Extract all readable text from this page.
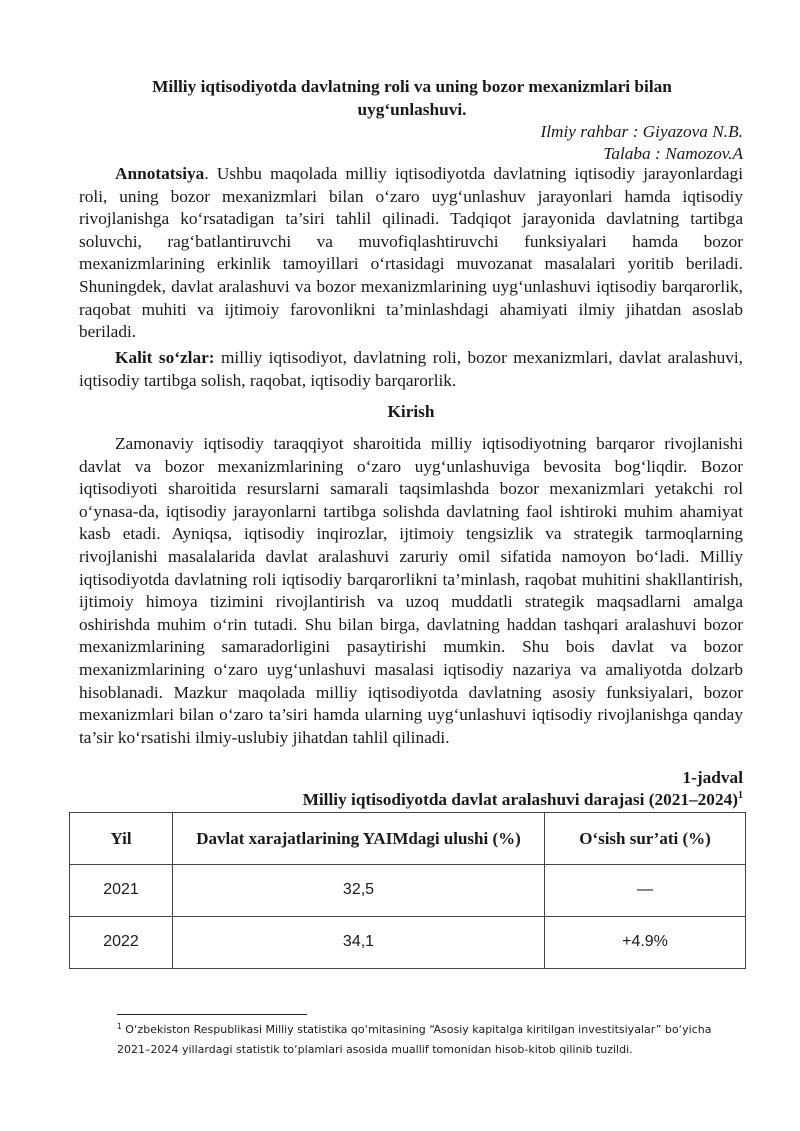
Milliy iqtisodiyotda davlatning roli va uning bozor mexanizmlari bilan
uyg‘unlashuvi.
Ilmiy rahbar : Giyazova N.B.
Talaba : Namozov.A

Annotatsiya. Ushbu maqolada milliy iqtisodiyotda davlatning iqtisodiy jarayonlardagi roli, uning bozor mexanizmlari bilan o‘zaro uyg‘unlashuv jarayonlari hamda iqtisodiy rivojlanishga ko‘rsatadigan ta’siri tahlil qilinadi. Tadqiqot jarayonida davlatning tartibga soluvchi, rag‘batlantiruvchi va muvofiqlashtiruvchi funksiyalari hamda bozor mexanizmlarining erkinlik tamoyillari o‘rtasidagi muvozanat masalalari yoritib beriladi. Shuningdek, davlat aralashuvi va bozor mexanizmlarining uyg‘unlashuvi iqtisodiy barqarorlik, raqobat muhiti va ijtimoiy farovonlikni ta’minlashdagi ahamiyati ilmiy jihatdan asoslab beriladi.

Kalit so‘zlar: milliy iqtisodiyot, davlatning roli, bozor mexanizmlari, davlat aralashuvi, iqtisodiy tartibga solish, raqobat, iqtisodiy barqarorlik.

Kirish

Zamonaviy iqtisodiy taraqqiyot sharoitida milliy iqtisodiyotning barqaror rivojlanishi davlat va bozor mexanizmlarining o‘zaro uyg‘unlashuviga bevosita bog‘liqdir. Bozor iqtisodiyoti sharoitida resurslarni samarali taqsimlashda bozor mexanizmlari yetakchi rol o‘ynasa-da, iqtisodiy jarayonlarni tartibga solishda davlatning faol ishtiroki muhim ahamiyat kasb etadi. Ayniqsa, iqtisodiy inqirozlar, ijtimoiy tengsizlik va strategik tarmoqlarning rivojlanishi masalalarida davlat aralashuvi zaruriy omil sifatida namoyon bo‘ladi. Milliy iqtisodiyotda davlatning roli iqtisodiy barqarorlikni ta’minlash, raqobat muhitini shakllantirish, ijtimoiy himoya tizimini rivojlantirish va uzoq muddatli strategik maqsadlarni amalga oshirishda muhim o‘rin tutadi. Shu bilan birga, davlatning haddan tashqari aralashuvi bozor mexanizmlarining samaradorligini pasaytirishi mumkin. Shu bois davlat va bozor mexanizmlarining o‘zaro uyg‘unlashuvi masalasi iqtisodiy nazariya va amaliyotda dolzarb hisoblanadi. Mazkur maqolada milliy iqtisodiyotda davlatning asosiy funksiyalari, bozor mexanizmlari bilan o‘zaro ta’siri hamda ularning uyg‘unlashuvi iqtisodiy rivojlanishga qanday ta’sir ko‘rsatishi ilmiy-uslubiy jihatdan tahlil qilinadi.

1-jadval
Milliy iqtisodiyotda davlat aralashuvi darajasi (2021–2024)$^1$
Yil	Davlat xarajatlarining YAIMdagi ulushi (%)	O‘sish sur’ati (%)
2021	32,5	—
2022	34,1	+4.9%
$^1$ O‘zbekiston Respublikasi Milliy statistika qo‘mitasining “Asosiy kapitalga kiritilgan investitsiyalar” bo‘yicha 2021–2024 yillardagi statistik to‘plamlari asosida muallif tomonidan hisob-kitob qilinib tuzildi.
